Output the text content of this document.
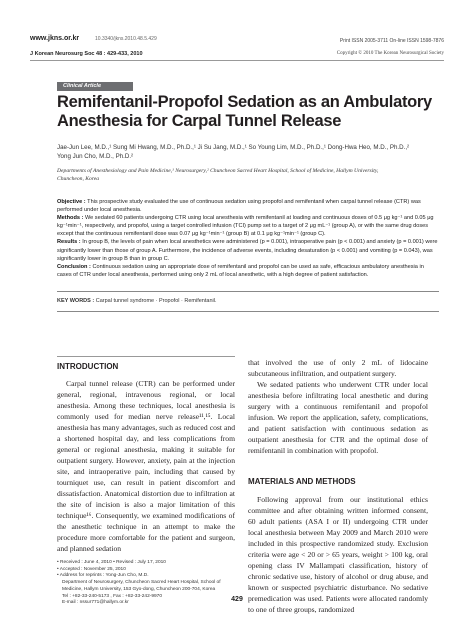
www.jkns.or.kr	10.3340/jkns.2010.48.5.429
J Korean Neurosurg Soc 48 : 429-433, 2010
Print ISSN 2005-3711 On-line ISSN 1598-7876
Copyright © 2010 The Korean Neurosurgical Society
Clinical Article
Remifentanil-Propofol Sedation as an Ambulatory Anesthesia for Carpal Tunnel Release
Jae-Jun Lee, M.D.,¹ Sung Mi Hwang, M.D., Ph.D.,¹ Ji Su Jang, M.D.,¹ So Young Lim, M.D., Ph.D.,¹ Dong-Hwa Heo, M.D., Ph.D.,² Yong Jun Cho, M.D., Ph.D.²
Departments of Anesthesiology and Pain Medicine,¹ Neurosurgery,² Chuncheon Sacred Heart Hospital, School of Medicine, Hallym University,
Chuncheon, Korea

Objective : This prospective study evaluated the use of continuous sedation using propofol and remifentanil when carpal tunnel release (CTR) was performed under local anesthesia.

Methods : We sedated 60 patients undergoing CTR using local anesthesia with remifentanil at loading and continuous doses of 0.5 μg kg⁻¹ and 0.05 μg kg⁻¹min⁻¹, respectively, and propofol, using a target controlled infusion (TCI) pump set to a target of 2 μg mL⁻¹ (group A), or with the same drug doses except that the continuous remifentanil dose was 0.07 μg kg⁻¹min⁻¹ (group B) at 0.1 μg kg⁻¹min⁻¹ (group C).

Results : In group B, the levels of pain when local anesthetics were administered (p = 0.001), intraoperative pain (p < 0.001) and anxiety (p = 0.001) were significantly lower than those of group A. Furthermore, the incidence of adverse events, including desaturation (p < 0.001) and vomiting (p = 0.043), was significantly lower in group B than in group C.

Conclusion : Continuous sedation using an appropriate dose of remifentanil and propofol can be used as safe, efficacious ambulatory anesthesia in cases of CTR under local anesthesia, performed using only 2 mL of local anesthetic, with a high degree of patient satisfaction.

KEY WORDS : Carpal tunnel syndrome · Propofol · Remifentanil.
INTRODUCTION

Carpal tunnel release (CTR) can be performed under general, regional, intravenous regional, or local anesthesia. Among these techniques, local anesthesia is commonly used for median nerve release¹¹,¹⁵. Local anesthesia has many advantages, such as reduced cost and a shortened hospital day, and less complications from general or regional anesthesia, making it suitable for outpatient surgery. However, anxiety, pain at the injection site, and intraoperative pain, including that caused by tourniquet use, can result in patient discomfort and dissatisfaction. Anatomical distortion due to infiltration at the site of incision is also a major limitation of this technique¹⁶. Consequently, we examined modifications of the anesthetic technique in an attempt to make the procedure more comfortable for the patient and surgeon, and planned sedation

• Received : June 4, 2010 • Revised : July 17, 2010
• Accepted : November 25, 2010
• Address for reprints : Yong-Jun Cho, M.D.
Department of Neurosurgery, Chuncheon Sacred Heart Hospital, School of
Medicine, Hallym University, 153 Gyo-dong, Chuncheon 200-704, Korea
Tel : +82-33-240-5173 , Fax : +82-33-242-9970
E-mail : nssur771@hallym.or.kr

that involved the use of only 2 mL of lidocaine subcutaneous infiltration, and outpatient surgery.

We sedated patients who underwent CTR under local anesthesia before infiltrating local anesthetic and during surgery with a continuous remifentanil and propofol infusion. We report the application, safety, complications, and patient satisfaction with continuous sedation as outpatient anesthesia for CTR and the optimal dose of remifentanil in combination with propofol.

MATERIALS AND METHODS

Following approval from our institutional ethics committee and after obtaining written informed consent, 60 adult patients (ASA I or II) undergoing CTR under local anesthesia between May 2009 and March 2010 were included in this prospective randomized study. Exclusion criteria were age < 20 or > 65 years, weight > 100 kg, oral opening class IV Mallampati classification, history of chronic sedative use, history of alcohol or drug abuse, and known or suspected psychiatric disturbance. No sedative premedication was used. Patients were allocated randomly to one of three groups, randomized

429
